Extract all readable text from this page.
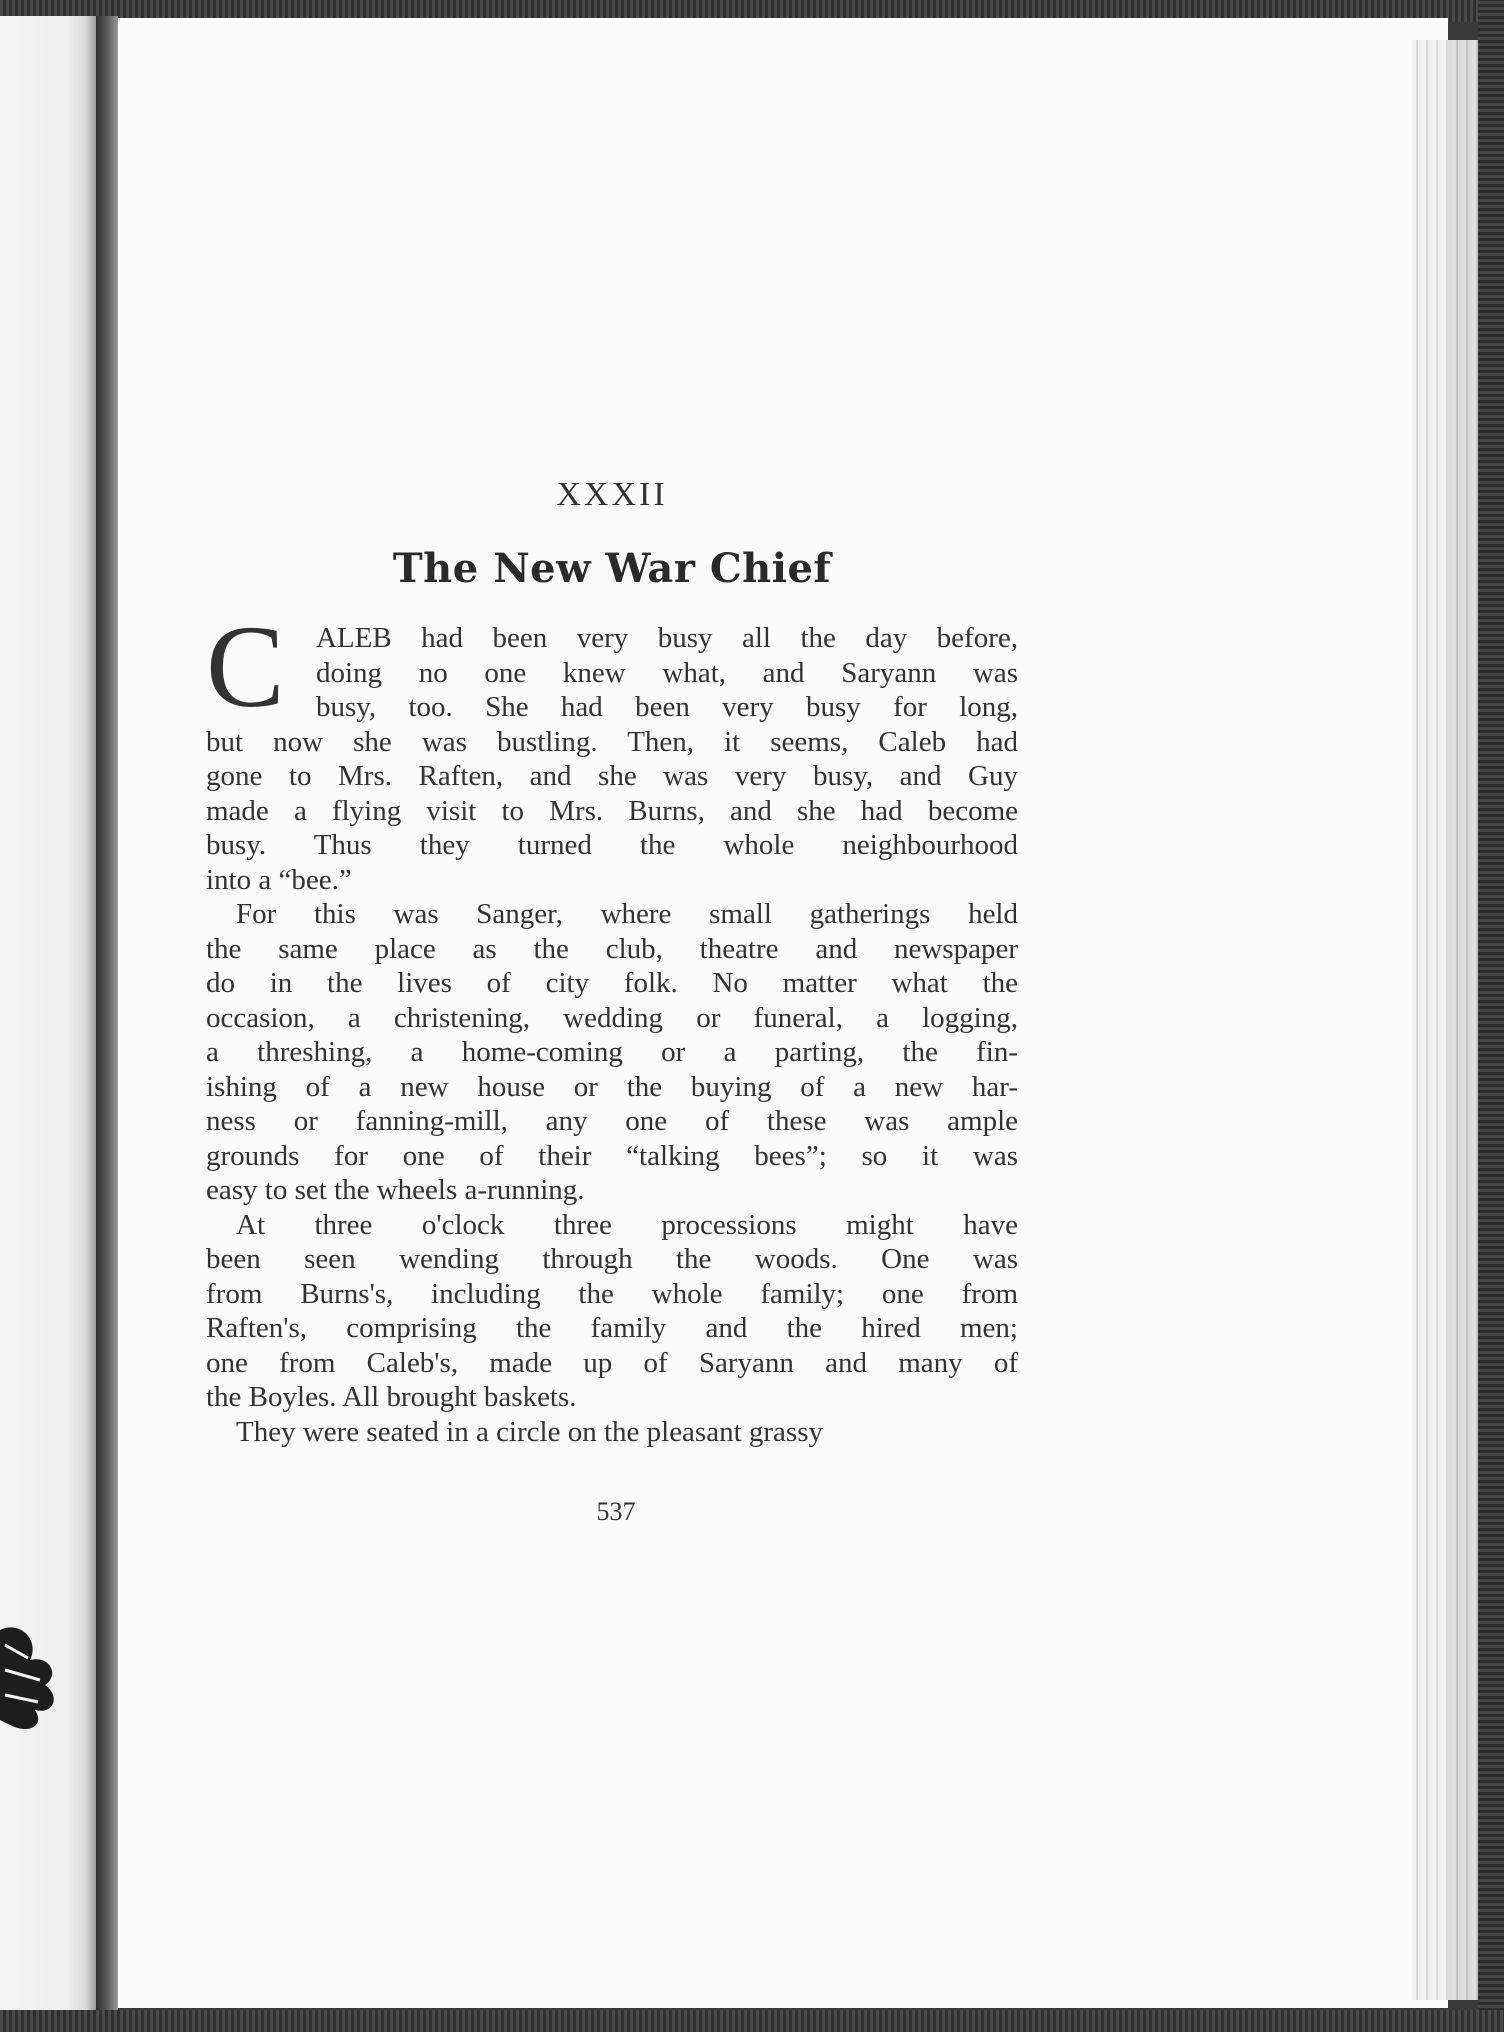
XXXII
The New War Chief

C	ALEB had been very busy all the day before,
doing no one knew what, and Saryann was
busy, too. She had been very busy for long,
but now she was bustling. Then, it seems, Caleb had
gone to Mrs. Raften, and she was very busy, and Guy
made a flying visit to Mrs. Burns, and she had become
busy. Thus they turned the whole neighbourhood
into a “bee.”

For this was Sanger, where small gatherings held
the same place as the club, theatre and newspaper
do in the lives of city folk. No matter what the
occasion, a christening, wedding or funeral, a logging,
a threshing, a home-coming or a parting, the fin-
ishing of a new house or the buying of a new har-
ness or fanning-mill, any one of these was ample
grounds for one of their “talking bees”; so it was
easy to set the wheels a-running.

At three o'clock three processions might have
been seen wending through the woods. One was
from Burns's, including the whole family; one from
Raften's, comprising the family and the hired men;
one from Caleb's, made up of Saryann and many of
the Boyles. All brought baskets.

They were seated in a circle on the pleasant grassy

537
